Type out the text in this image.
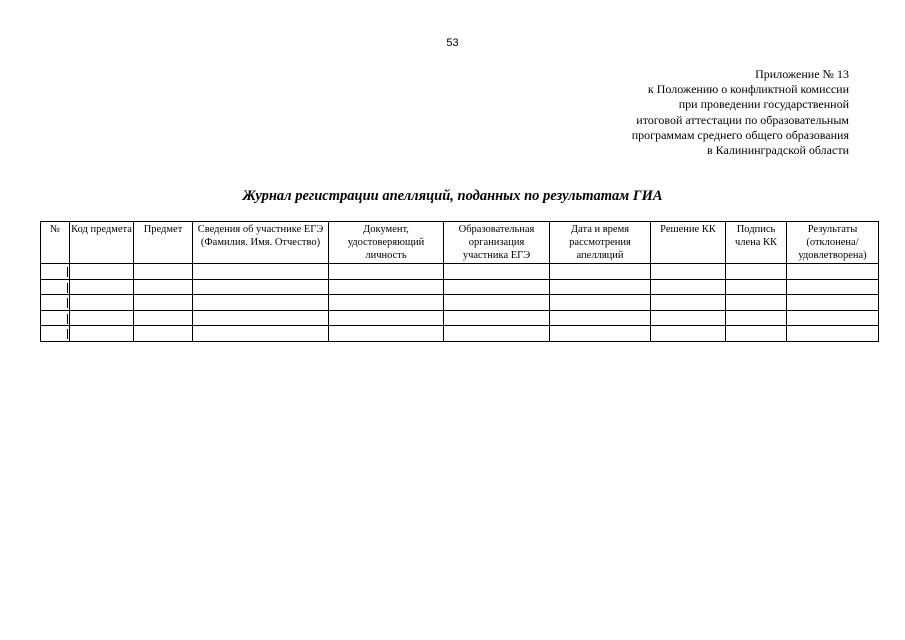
53
Приложение № 13
к Положению о конфликтной комиссии
при проведении государственной
итоговой аттестации по образовательным
программам среднего общего образования
в Калининградской области
Журнал регистрации апелляций, поданных по результатам ГИА
№	Код предмета	Предмет	Сведения об участнике ЕГЭ (Фамилия. Имя. Отчество)	Документ, удостоверяющий личность	Образовательная организация участника ЕГЭ	Дата и время рассмотрения апелляций	Решение КК	Подпись члена КК	Результаты (отклонена/ удовлетворена)
